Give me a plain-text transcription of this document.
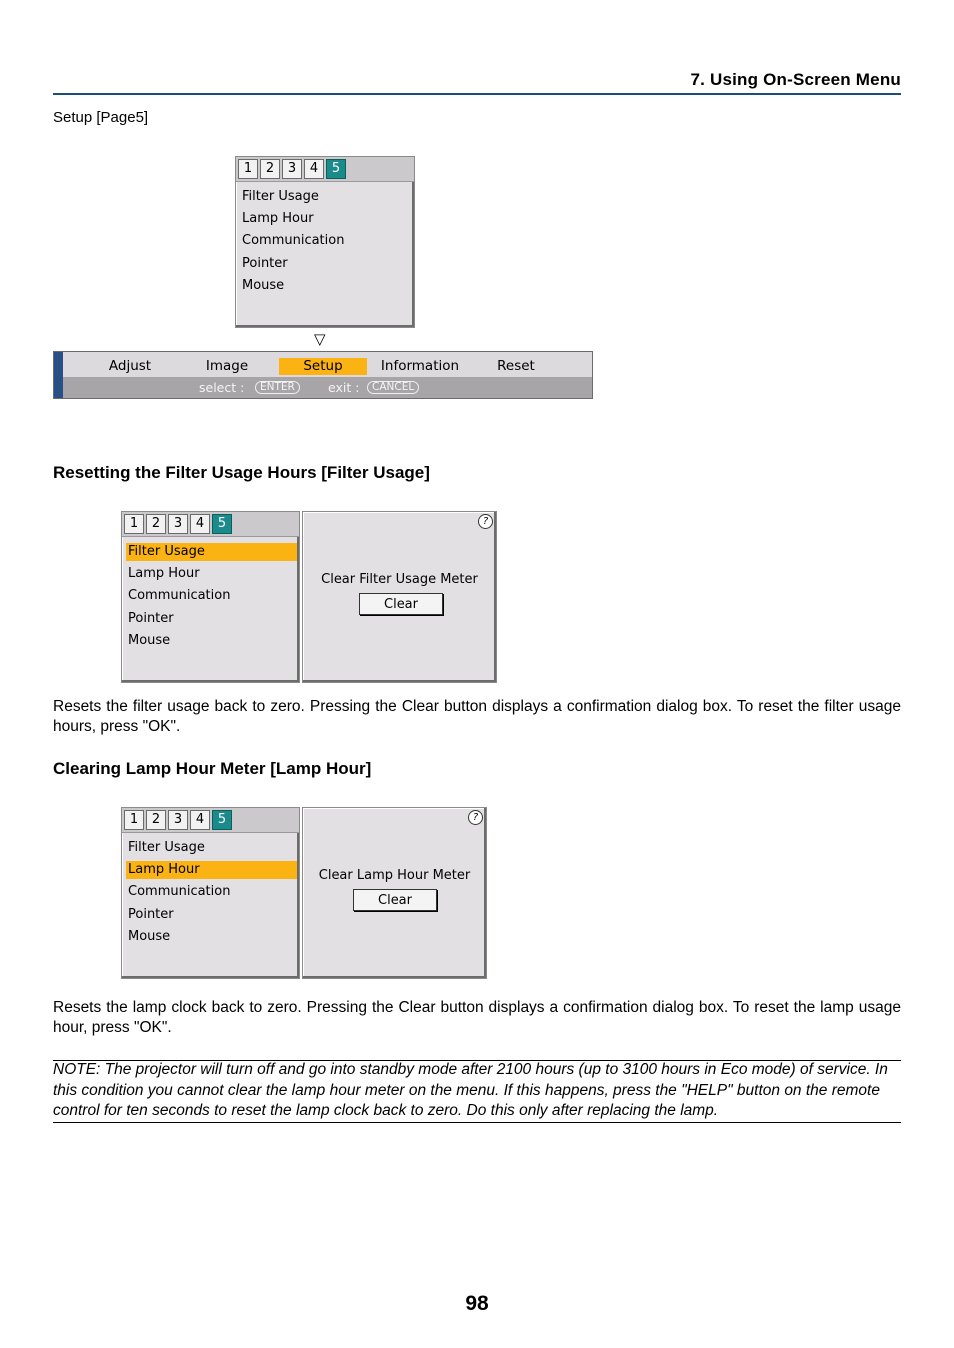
7. Using On-Screen Menu
Setup [Page5]
1	2	3	4	5
Filter Usage
Lamp Hour
Communication
Pointer
Mouse
▽
Adjust	Image	Setup	Information	Reset
select :	ENTER	exit :	CANCEL
Resetting the Filter Usage Hours [Filter Usage]
1	2	3	4	5
Filter Usage
Lamp Hour
Communication
Pointer
Mouse
?
Clear Filter Usage Meter
Clear
Resets the filter usage back to zero. Pressing the Clear button displays a confirmation dialog box. To reset the filter usage hours, press "OK".
Clearing Lamp Hour Meter [Lamp Hour]
1	2	3	4	5
Filter Usage
Lamp Hour
Communication
Pointer
Mouse
?
Clear Lamp Hour Meter
Clear
Resets the lamp clock back to zero. Pressing the Clear button displays a confirmation dialog box. To reset the lamp usage hour, press "OK".
NOTE: The projector will turn off and go into standby mode after 2100 hours (up to 3100 hours in Eco mode) of service. In this condition you cannot clear the lamp hour meter on the menu. If this happens, press the "HELP" button on the remote control for ten seconds to reset the lamp clock back to zero. Do this only after replacing the lamp.
98
